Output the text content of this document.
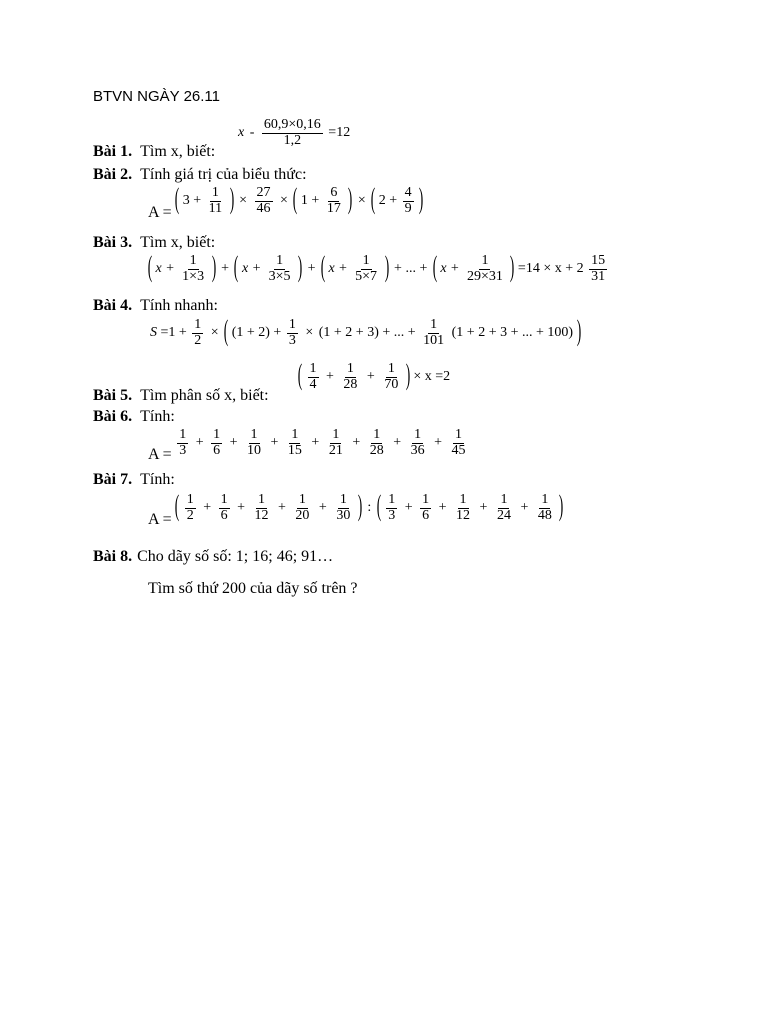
BTVN NGÀY 26.11
Bài 1. Tìm x, biết:
$x - \frac{60,9\times 0,16}{1,2} =12$
Bài 2. Tính giá trị của biểu thức:
A = ( $3 + \frac{1}{11}$ ) × $\frac{27}{46}$ × ( $1 + \frac{6}{17}$ ) × ( $2 + \frac{4}{9}$ )
Bài 3. Tìm x, biết:
( $x + \frac{1}{1\times 3}$ ) + ( $x + \frac{1}{3\times 5}$ ) + ( $x + \frac{1}{5\times 7}$ ) + ... + ( $x + \frac{1}{29\times 31}$ ) $=14 \times x + 2 \frac{15}{31}$
Bài 4. Tính nhanh:
$S =1 + \frac{1}{2}$ × ( $(1 + 2) + \frac{1}{3} \times (1 + 2 + 3)$ + ... + $\frac{1}{101} (1 + 2 + 3$ + ... + 100) )
Bài 5. Tìm phân số x, biết:
( $\frac{1}{4} + \frac{1}{28} + \frac{1}{70}$ ) × x =2
Bài 6. Tính:
$A = \frac{1}{3} + \frac{1}{6} + \frac{1}{10} + \frac{1}{15} + \frac{1}{21} + \frac{1}{28} + \frac{1}{36} + \frac{1}{45}$
Bài 7. Tính:
A = ( $\frac{1}{2} + \frac{1}{6} + \frac{1}{12} + \frac{1}{20} + \frac{1}{30}$ ) : ( $\frac{1}{3} + \frac{1}{6} + \frac{1}{12} + \frac{1}{24} + \frac{1}{48}$ )
Bài 8. Cho dãy số số: 1; 16; 46; 91…
Tìm số thứ 200 của dãy số trên ?
